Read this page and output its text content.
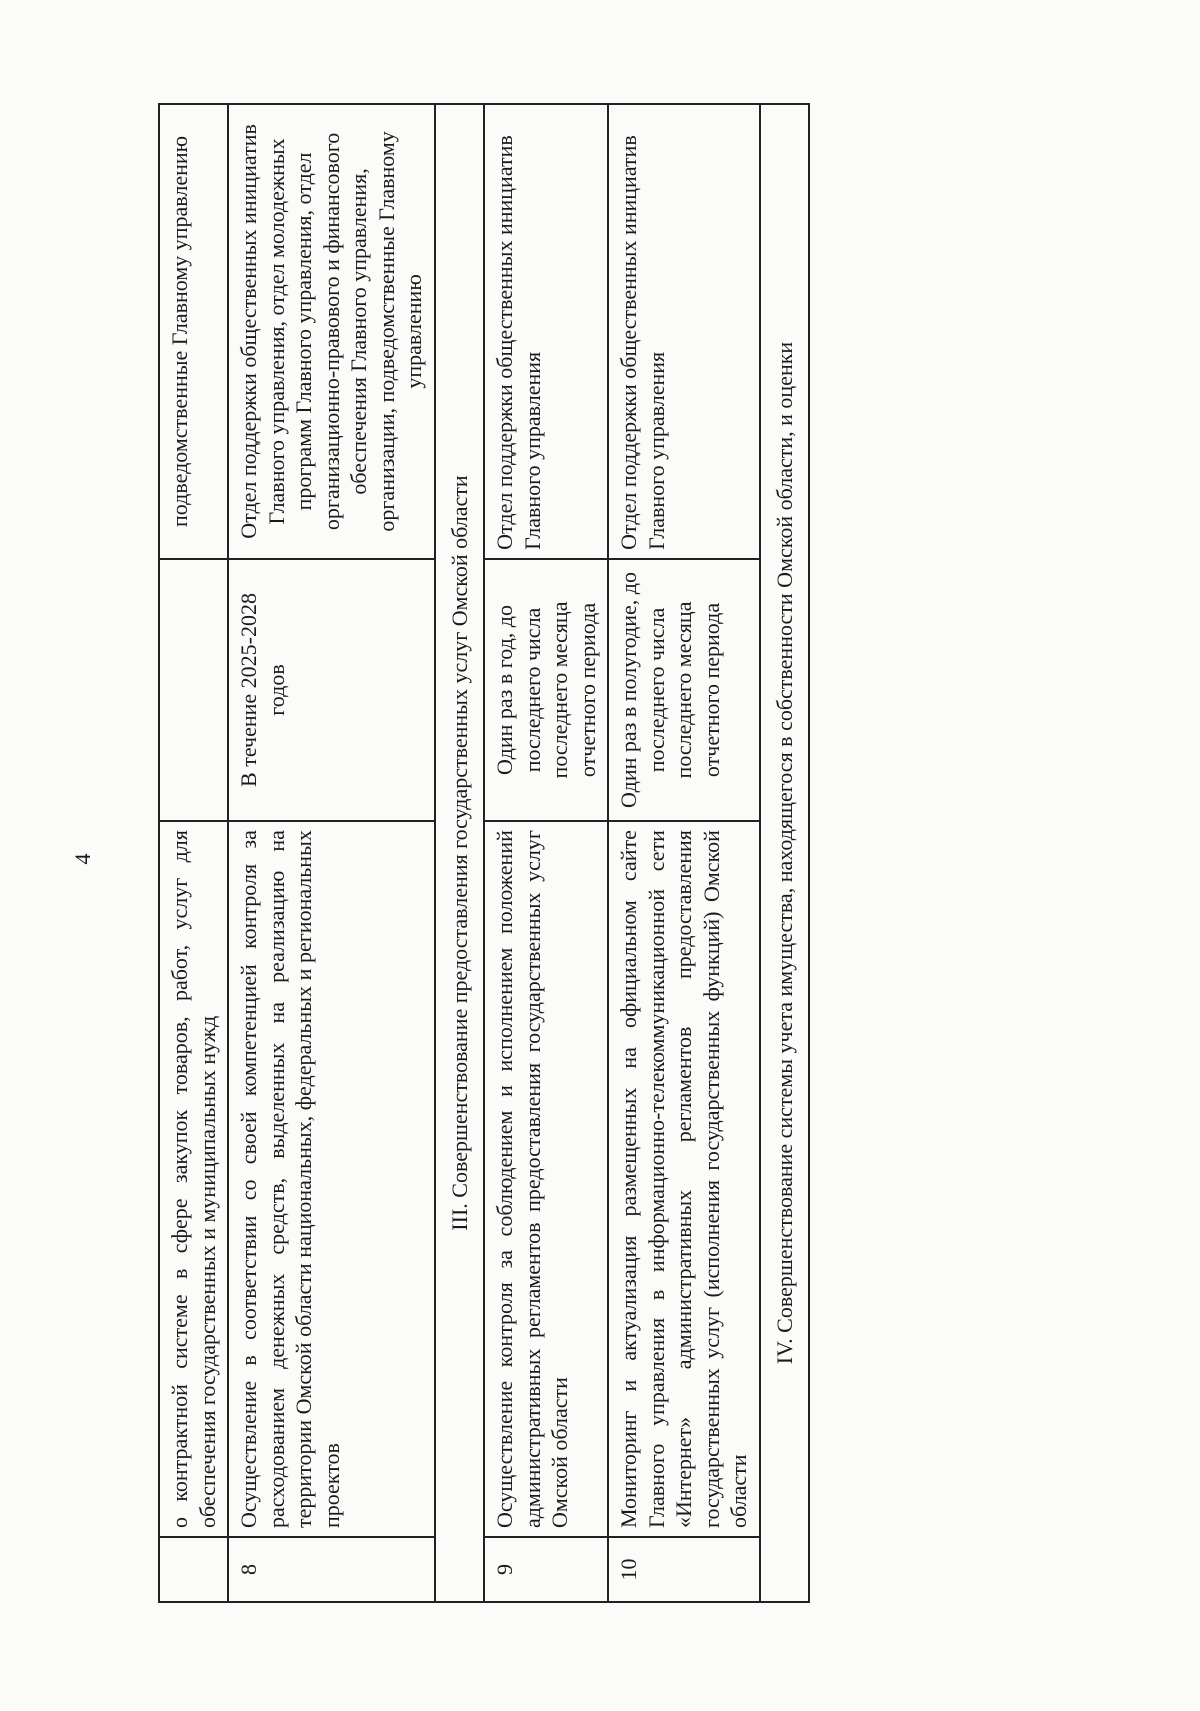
4
		о контрактной системе в сфере закупок товаров, работ, услуг для обеспечения государственных и муниципальных нужд		подведомственные Главному управлению
8	Осуществление в соответствии со своей компетенцией контроля за расходованием денежных средств, выделенных на реализацию на территории Омской области национальных, федеральных и региональных проектов	В течение 2025-2028 годов	Отдел поддержки общественных инициатив Главного управления, отдел молодежных программ Главного управления, отдел организационно-правового и финансового обеспечения Главного управления, организации, подведомственные Главному управлению
III. Совершенствование предоставления государственных услуг Омской области			
9	Осуществление контроля за соблюдением и исполнением положений административных регламентов предоставления государственных услуг Омской области	Один раз в год, до последнего числа последнего месяца отчетного периода	Отдел поддержки общественных инициатив Главного управления
10	Мониторинг и актуализация размещенных на официальном сайте Главного управления в информационно-телекоммуникационной сети «Интернет» административных регламентов предоставления государственных услуг (исполнения государственных функций) Омской области	Один раз в полугодие, до последнего числа последнего месяца отчетного периода	Отдел поддержки общественных инициатив Главного управления
IV. Совершенствование системы учета имущества, находящегося в собственности Омской области, и оценки			
